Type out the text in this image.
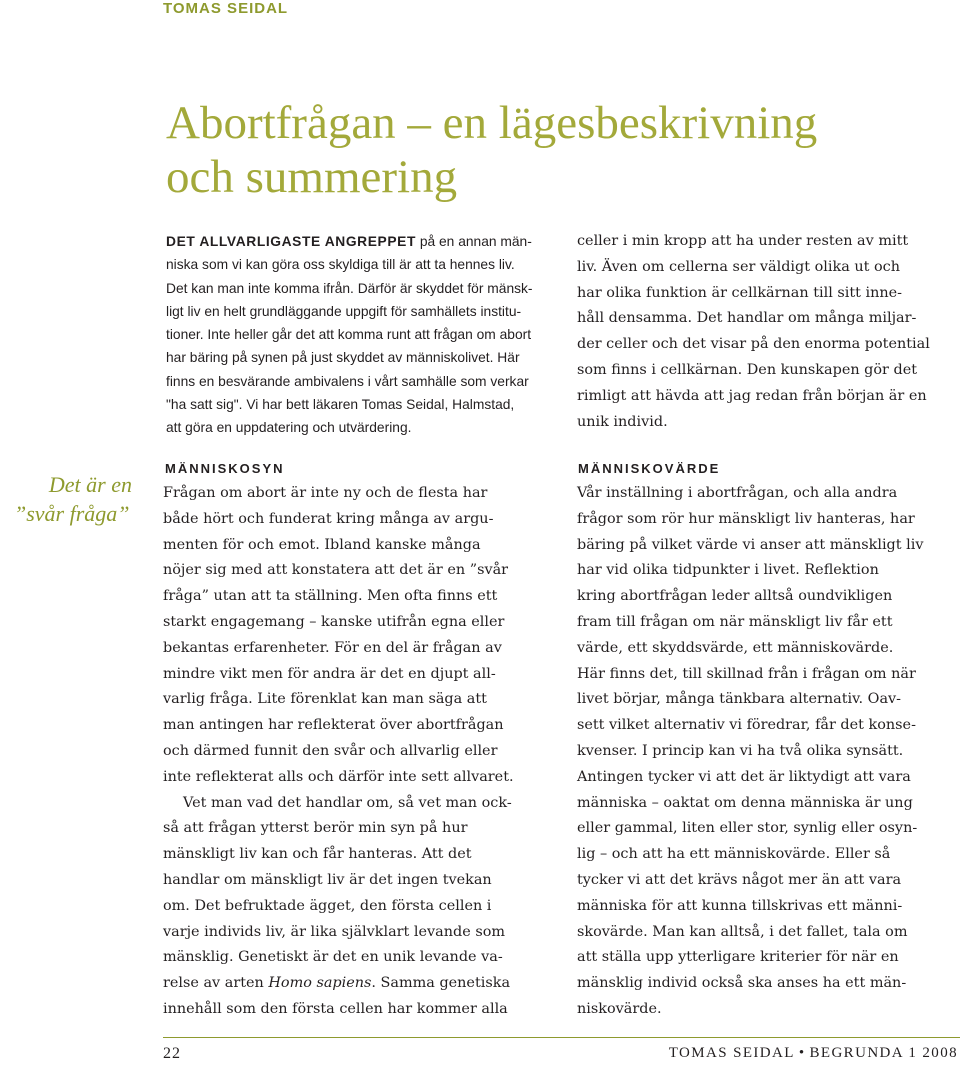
TOMAS SEIDAL
Abortfrågan – en lägesbeskrivning
och summering
DET ALLVARLIGASTE ANGREPPET på en annan män-
niska som vi kan göra oss skyldiga till är att ta hennes liv.
Det kan man inte komma ifrån. Därför är skyddet för mänsk-
ligt liv en helt grundläggande uppgift för samhällets institu-
tioner. Inte heller går det att komma runt att frågan om abort
har bäring på synen på just skyddet av människolivet. Här
finns en besvärande ambivalens i vårt samhälle som verkar
"ha satt sig". Vi har bett läkaren Tomas Seidal, Halmstad,
att göra en uppdatering och utvärdering.
celler i min kropp att ha under resten av mitt
liv. Även om cellerna ser väldigt olika ut och
har olika funktion är cellkärnan till sitt inne-
håll densamma. Det handlar om många miljar-
der celler och det visar på den enorma potential
som finns i cellkärnan. Den kunskapen gör det
rimligt att hävda att jag redan från början är en
unik individ.
Det är en
”svår fråga”
MÄNNISKOSYN	MÄNNISKOVÄRDE
Frågan om abort är inte ny och de flesta har
både hört och funderat kring många av argu-
menten för och emot. Ibland kanske många
nöjer sig med att konstatera att det är en ”svår
fråga” utan att ta ställning. Men ofta finns ett
starkt engagemang – kanske utifrån egna eller
bekantas erfarenheter. För en del är frågan av
mindre vikt men för andra är det en djupt all-
varlig fråga. Lite förenklat kan man säga att
man antingen har reflekterat över abortfrågan
och därmed funnit den svår och allvarlig eller
inte reflekterat alls och därför inte sett allvaret.
Vet man vad det handlar om, så vet man ock-
så att frågan ytterst berör min syn på hur
mänskligt liv kan och får hanteras. Att det
handlar om mänskligt liv är det ingen tvekan
om. Det befruktade ägget, den första cellen i
varje individs liv, är lika självklart levande som
mänsklig. Genetiskt är det en unik levande va-
relse av arten Homo sapiens. Samma genetiska
innehåll som den första cellen har kommer alla
Vår inställning i abortfrågan, och alla andra
frågor som rör hur mänskligt liv hanteras, har
bäring på vilket värde vi anser att mänskligt liv
har vid olika tidpunkter i livet. Reflektion
kring abortfrågan leder alltså oundvikligen
fram till frågan om när mänskligt liv får ett
värde, ett skyddsvärde, ett människovärde.
Här finns det, till skillnad från i frågan om när
livet börjar, många tänkbara alternativ. Oav-
sett vilket alternativ vi föredrar, får det konse-
kvenser. I princip kan vi ha två olika synsätt.
Antingen tycker vi att det är liktydigt att vara
människa – oaktat om denna människa är ung
eller gammal, liten eller stor, synlig eller osyn-
lig – och att ha ett människovärde. Eller så
tycker vi att det krävs något mer än att vara
människa för att kunna tillskrivas ett männi-
skovärde. Man kan alltså, i det fallet, tala om
att ställa upp ytterligare kriterier för när en
mänsklig individ också ska anses ha ett män-
niskovärde.
22	TOMAS SEIDAL • BEGRUNDA 1 2008
